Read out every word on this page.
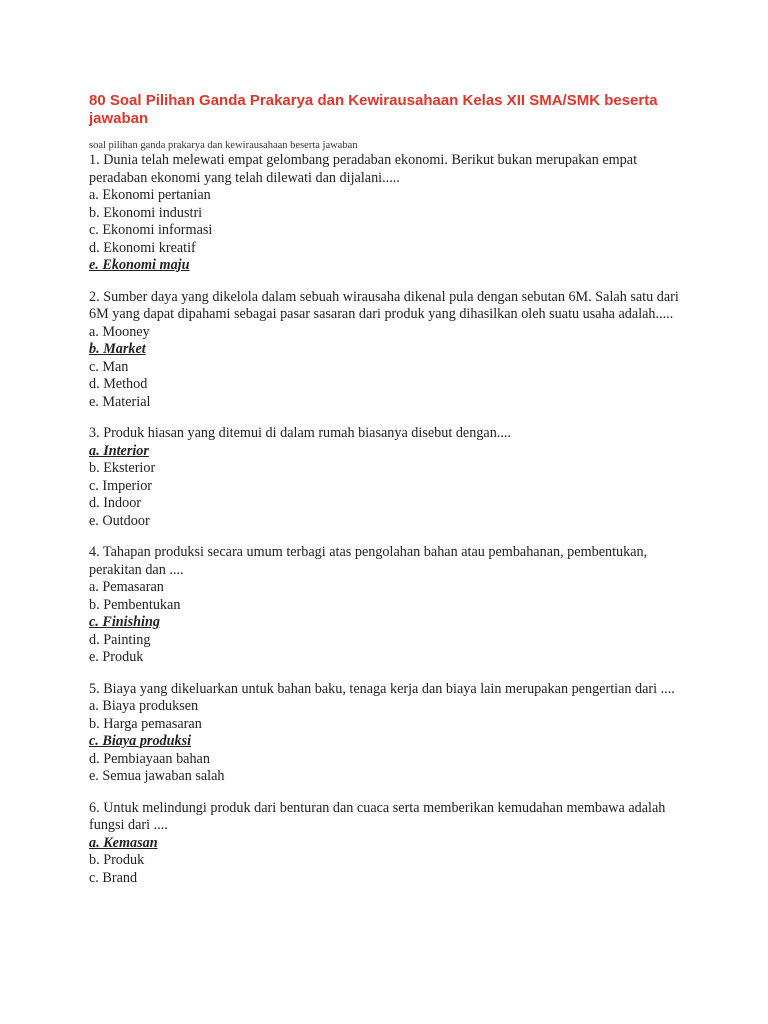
80 Soal Pilihan Ganda Prakarya dan Kewirausahaan Kelas XII SMA/SMK beserta jawaban
soal pilihan ganda prakarya dan kewirausahaan beserta jawaban
1. Dunia telah melewati empat gelombang peradaban ekonomi. Berikut bukan merupakan empat peradaban ekonomi yang telah dilewati dan dijalani.....
a. Ekonomi pertanian
b. Ekonomi industri
c. Ekonomi informasi
d. Ekonomi kreatif
e. Ekonomi maju
2. Sumber daya yang dikelola dalam sebuah wirausaha dikenal pula dengan sebutan 6M. Salah satu dari 6M yang dapat dipahami sebagai pasar sasaran dari produk yang dihasilkan oleh suatu usaha adalah.....
a. Mooney
b. Market
c. Man
d. Method
e. Material
3. Produk hiasan yang ditemui di dalam rumah biasanya disebut dengan....
a. Interior
b. Eksterior
c. Imperior
d. Indoor
e. Outdoor
4. Tahapan produksi secara umum terbagi atas pengolahan bahan atau pembahanan, pembentukan, perakitan dan ....
a. Pemasaran
b. Pembentukan
c. Finishing
d. Painting
e. Produk
5. Biaya yang dikeluarkan untuk bahan baku, tenaga kerja dan biaya lain merupakan pengertian dari ....
a. Biaya produksen
b. Harga pemasaran
c. Biaya produksi
d. Pembiayaan bahan
e. Semua jawaban salah
6. Untuk melindungi produk dari benturan dan cuaca serta memberikan kemudahan membawa adalah fungsi dari ....
a. Kemasan
b. Produk
c. Brand
